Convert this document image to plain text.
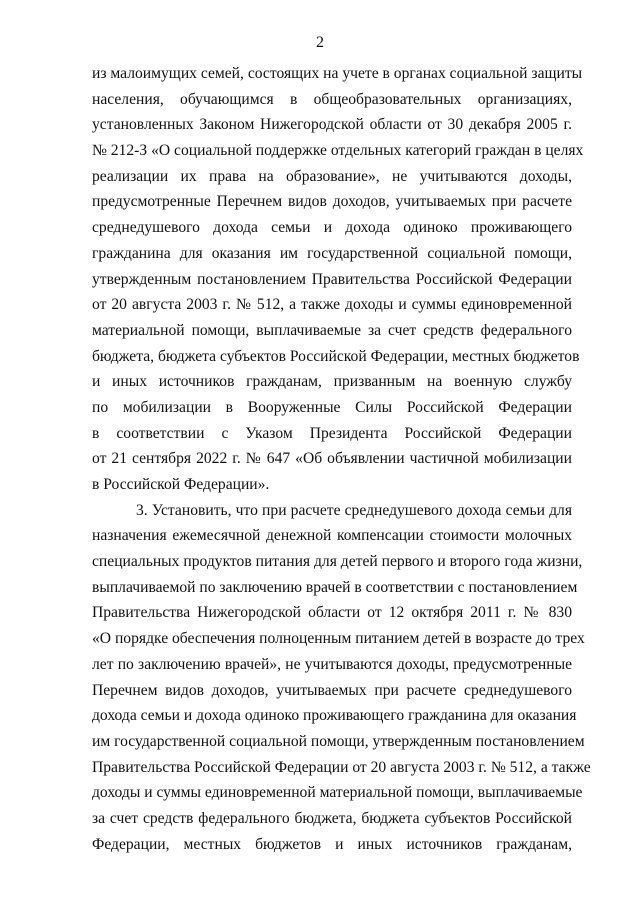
2
из малоимущих семей, состоящих на учете в органах социальной защиты
населения, обучающимся в общеобразовательных организациях,
установленных Законом Нижегородской области от 30 декабря 2005 г.
№ 212-З «О социальной поддержке отдельных категорий граждан в целях
реализации их права на образование», не учитываются доходы,
предусмотренные Перечнем видов доходов, учитываемых при расчете
среднедушевого дохода семьи и дохода одиноко проживающего
гражданина для оказания им государственной социальной помощи,
утвержденным постановлением Правительства Российской Федерации
от 20 августа 2003 г. № 512, а также доходы и суммы единовременной
материальной помощи, выплачиваемые за счет средств федерального
бюджета, бюджета субъектов Российской Федерации, местных бюджетов
и иных источников гражданам, призванным на военную службу
по мобилизации в Вооруженные Силы Российской Федерации
в соответствии с Указом Президента Российской Федерации
от 21 сентября 2022 г. № 647 «Об объявлении частичной мобилизации
в Российской Федерации».
3. Установить, что при расчете среднедушевого дохода семьи для
назначения ежемесячной денежной компенсации стоимости молочных
специальных продуктов питания для детей первого и второго года жизни,
выплачиваемой по заключению врачей в соответствии с постановлением
Правительства Нижегородской области от 12 октября 2011 г. № 830
«О порядке обеспечения полноценным питанием детей в возрасте до трех
лет по заключению врачей», не учитываются доходы, предусмотренные
Перечнем видов доходов, учитываемых при расчете среднедушевого
дохода семьи и дохода одиноко проживающего гражданина для оказания
им государственной социальной помощи, утвержденным постановлением
Правительства Российской Федерации от 20 августа 2003 г. № 512, а также
доходы и суммы единовременной материальной помощи, выплачиваемые
за счет средств федерального бюджета, бюджета субъектов Российской
Федерации, местных бюджетов и иных источников гражданам,
